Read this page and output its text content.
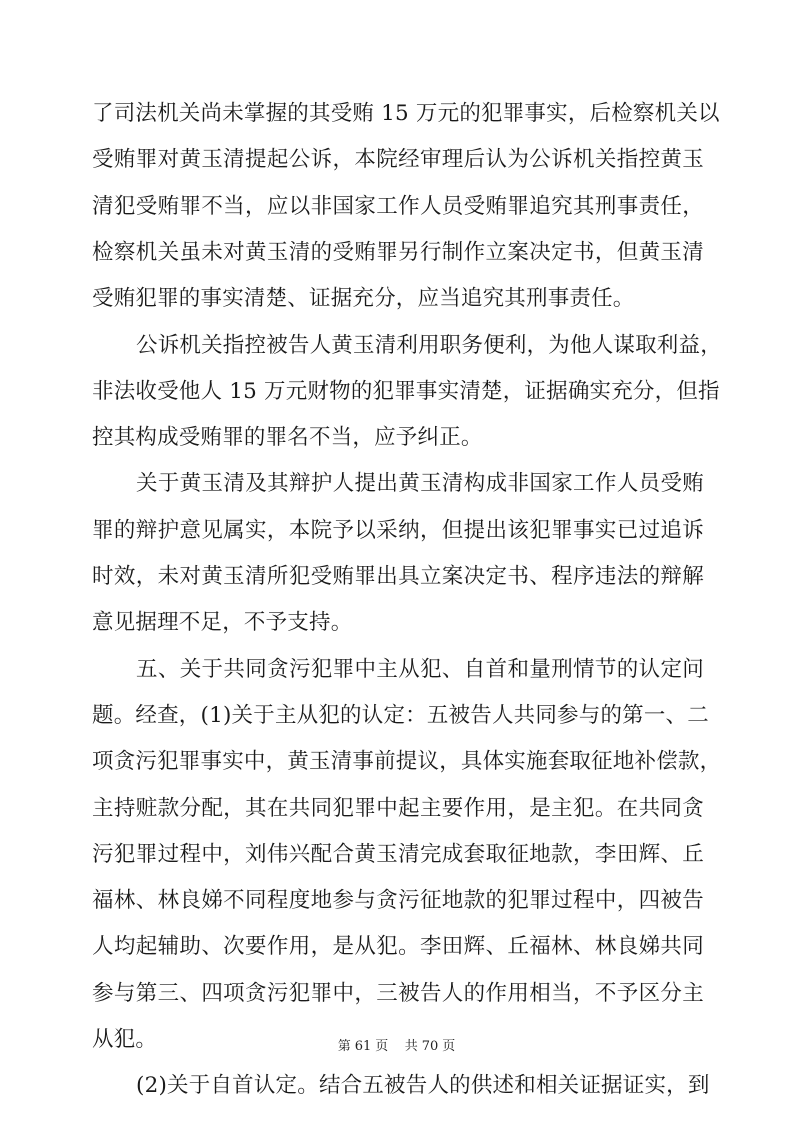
了司法机关尚未掌握的其受贿 15 万元的犯罪事实，后检察机关以
受贿罪对黄玉清提起公诉，本院经审理后认为公诉机关指控黄玉
清犯受贿罪不当，应以非国家工作人员受贿罪追究其刑事责任，
检察机关虽未对黄玉清的受贿罪另行制作立案决定书，但黄玉清
受贿犯罪的事实清楚、证据充分，应当追究其刑事责任。
公诉机关指控被告人黄玉清利用职务便利，为他人谋取利益，
非法收受他人 15 万元财物的犯罪事实清楚，证据确实充分，但指
控其构成受贿罪的罪名不当，应予纠正。
关于黄玉清及其辩护人提出黄玉清构成非国家工作人员受贿
罪的辩护意见属实，本院予以采纳，但提出该犯罪事实已过追诉
时效，未对黄玉清所犯受贿罪出具立案决定书、程序违法的辩解
意见据理不足，不予支持。
五、关于共同贪污犯罪中主从犯、自首和量刑情节的认定问
题。经查，(1)关于主从犯的认定：五被告人共同参与的第一、二
项贪污犯罪事实中，黄玉清事前提议，具体实施套取征地补偿款，
主持赃款分配，其在共同犯罪中起主要作用，是主犯。在共同贪
污犯罪过程中，刘伟兴配合黄玉清完成套取征地款，李田辉、丘
福林、林良娣不同程度地参与贪污征地款的犯罪过程中，四被告
人均起辅助、次要作用，是从犯。李田辉、丘福林、林良娣共同
参与第三、四项贪污犯罪中，三被告人的作用相当，不予区分主
从犯。
(2)关于自首认定。结合五被告人的供述和相关证据证实，到
第 61 页 共 70 页
